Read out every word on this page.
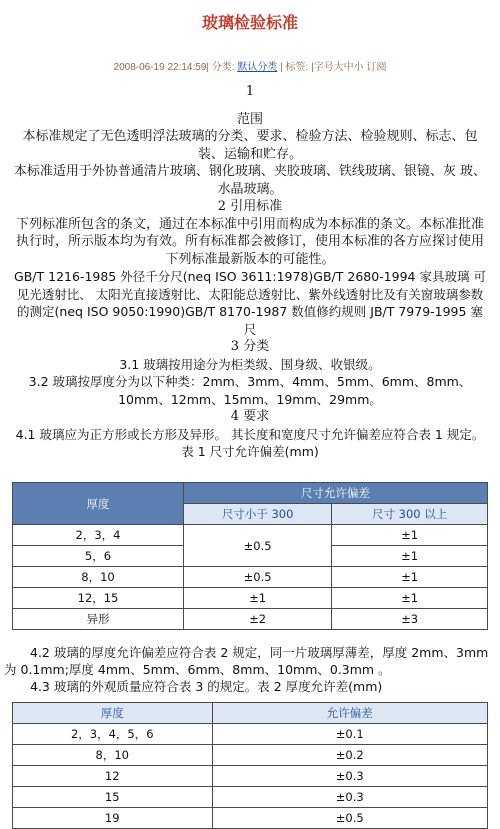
玻璃检验标准
2008-06-19 22:14:59| 分类: 默认分类 | 标签: |字号大中小 订阅

1

范围

本标准规定了无色透明浮法玻璃的分类、要求、检验方法、检验规则、标志、包装、运输和贮存。

本标准适用于外协普通清片玻璃、钢化玻璃、夹胶玻璃、铁线玻璃、银镜、灰 玻、水晶玻璃。

2 引用标准

下列标准所包含的条文，通过在本标准中引用而构成为本标准的条文。本标准批准执行时，所示版本均为有效。所有标准都会被修订，使用本标准的各方应探讨使用下列标准最新版本的可能性。

GB/T 1216-1985 外径千分尺(neq ISO 3611:1978)GB/T 2680-1994 家具玻璃 可见光透射比、 太阳光直接透射比、太阳能总透射比、紫外线透射比及有关窗玻璃参数的测定(neq ISO 9050:1990)GB/T 8170-1987 数值修约规则 JB/T 7979-1995 塞尺

3 分类

3.1 玻璃按用途分为柜类级、围身级、收银级。

3.2 玻璃按厚度分为以下种类：2mm、3mm、4mm、5mm、6mm、8mm、10mm、12mm、15mm、19mm、29mm。

4 要求

4.1 玻璃应为正方形或长方形及异形。 其长度和宽度尺寸允许偏差应符合表 1 规定。表 1 尺寸允许偏差(mm)

厚度	尺寸允许偏差	
	尺寸小于 300	尺寸 300 以上
2，3，4	±0.5	±1
5，6		±1
8，10	±0.5	±1
12，15	±1	±1
异形	±2	±3

4.2 玻璃的厚度允许偏差应符合表 2 规定，同一片玻璃厚薄差，厚度 2mm、3mm 为 0.1mm;厚度 4mm、5mm、6mm、8mm、10mm、0.3mm 。

4.3 玻璃的外观质量应符合表 3 的规定。表 2 厚度允许差(mm)

厚度	允许偏差
2，3，4，5，6	±0.1
8，10	±0.2
12	±0.3
15	±0.3
19	±0.5
